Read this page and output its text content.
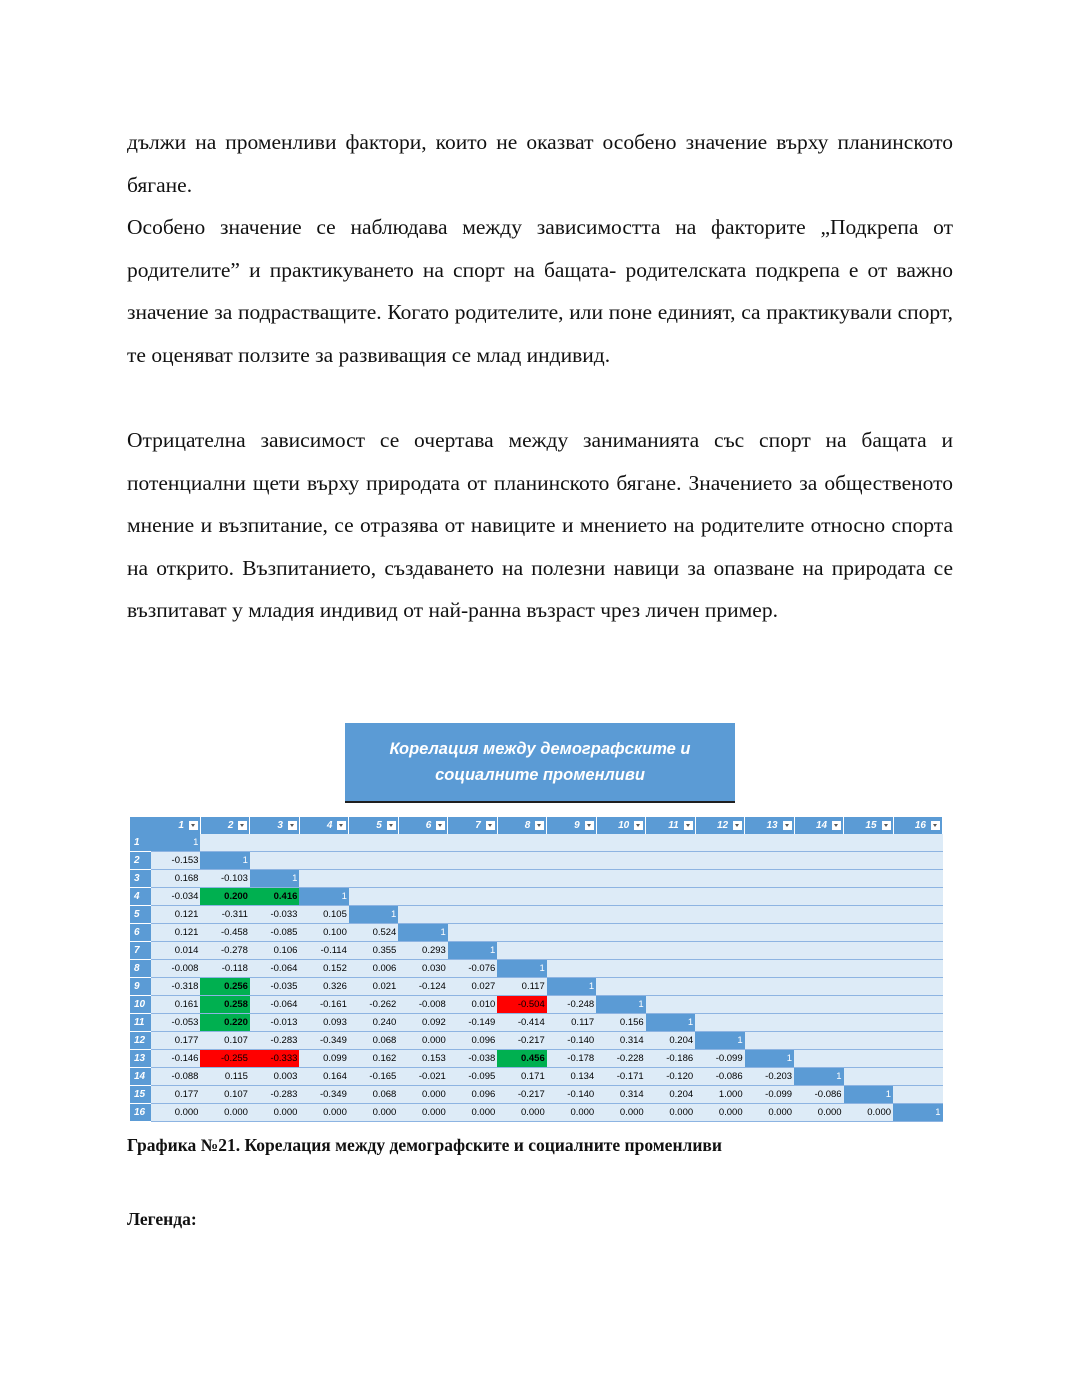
дължи на променливи фактори, които не оказват особено значение върху планинското бягане.

Особено значение се наблюдава между зависимостта на факторите „Подкрепа от родителите” и практикуването на спорт на бащата- родителската подкрепа е от важно значение за подрастващите. Когато родителите, или поне единият, са практикували спорт, те оценяват ползите за развиващия се млад индивид.

Отрицателна зависимост се очертава между заниманията със спорт на бащата и потенциални щети върху природата от планинското бягане. Значението за общественото мнение и възпитание, се отразява от навиците и мнението на родителите относно спорта на открито. Възпитанието, създаването на полезни навици за опазване на природата се възпитават у младия индивид от най-ранна възраст чрез личен пример.

Корелация между демографските и
социалните променливи
	1	2	3	4	5	6	7	8	9	10	11	12	13	14	15	16
1	1															
2	-0.153	1														
3	0.168	-0.103	1													
4	-0.034	0.200	0.416	1												
5	0.121	-0.311	-0.033	0.105	1											
6	0.121	-0.458	-0.085	0.100	0.524	1										
7	0.014	-0.278	0.106	-0.114	0.355	0.293	1									
8	-0.008	-0.118	-0.064	0.152	0.006	0.030	-0.076	1								
9	-0.318	0.256	-0.035	0.326	0.021	-0.124	0.027	0.117	1							
10	0.161	0.258	-0.064	-0.161	-0.262	-0.008	0.010	-0.504	-0.248	1						
11	-0.053	0.220	-0.013	0.093	0.240	0.092	-0.149	-0.414	0.117	0.156	1					
12	0.177	0.107	-0.283	-0.349	0.068	0.000	0.096	-0.217	-0.140	0.314	0.204	1				
13	-0.146	-0.255	-0.333	0.099	0.162	0.153	-0.038	0.456	-0.178	-0.228	-0.186	-0.099	1			
14	-0.088	0.115	0.003	0.164	-0.165	-0.021	-0.095	0.171	0.134	-0.171	-0.120	-0.086	-0.203	1		
15	0.177	0.107	-0.283	-0.349	0.068	0.000	0.096	-0.217	-0.140	0.314	0.204	1.000	-0.099	-0.086	1	
16	0.000	0.000	0.000	0.000	0.000	0.000	0.000	0.000	0.000	0.000	0.000	0.000	0.000	0.000	0.000	1
Графика №21. Корелация между демографските и социалните променливи
Легенда:
